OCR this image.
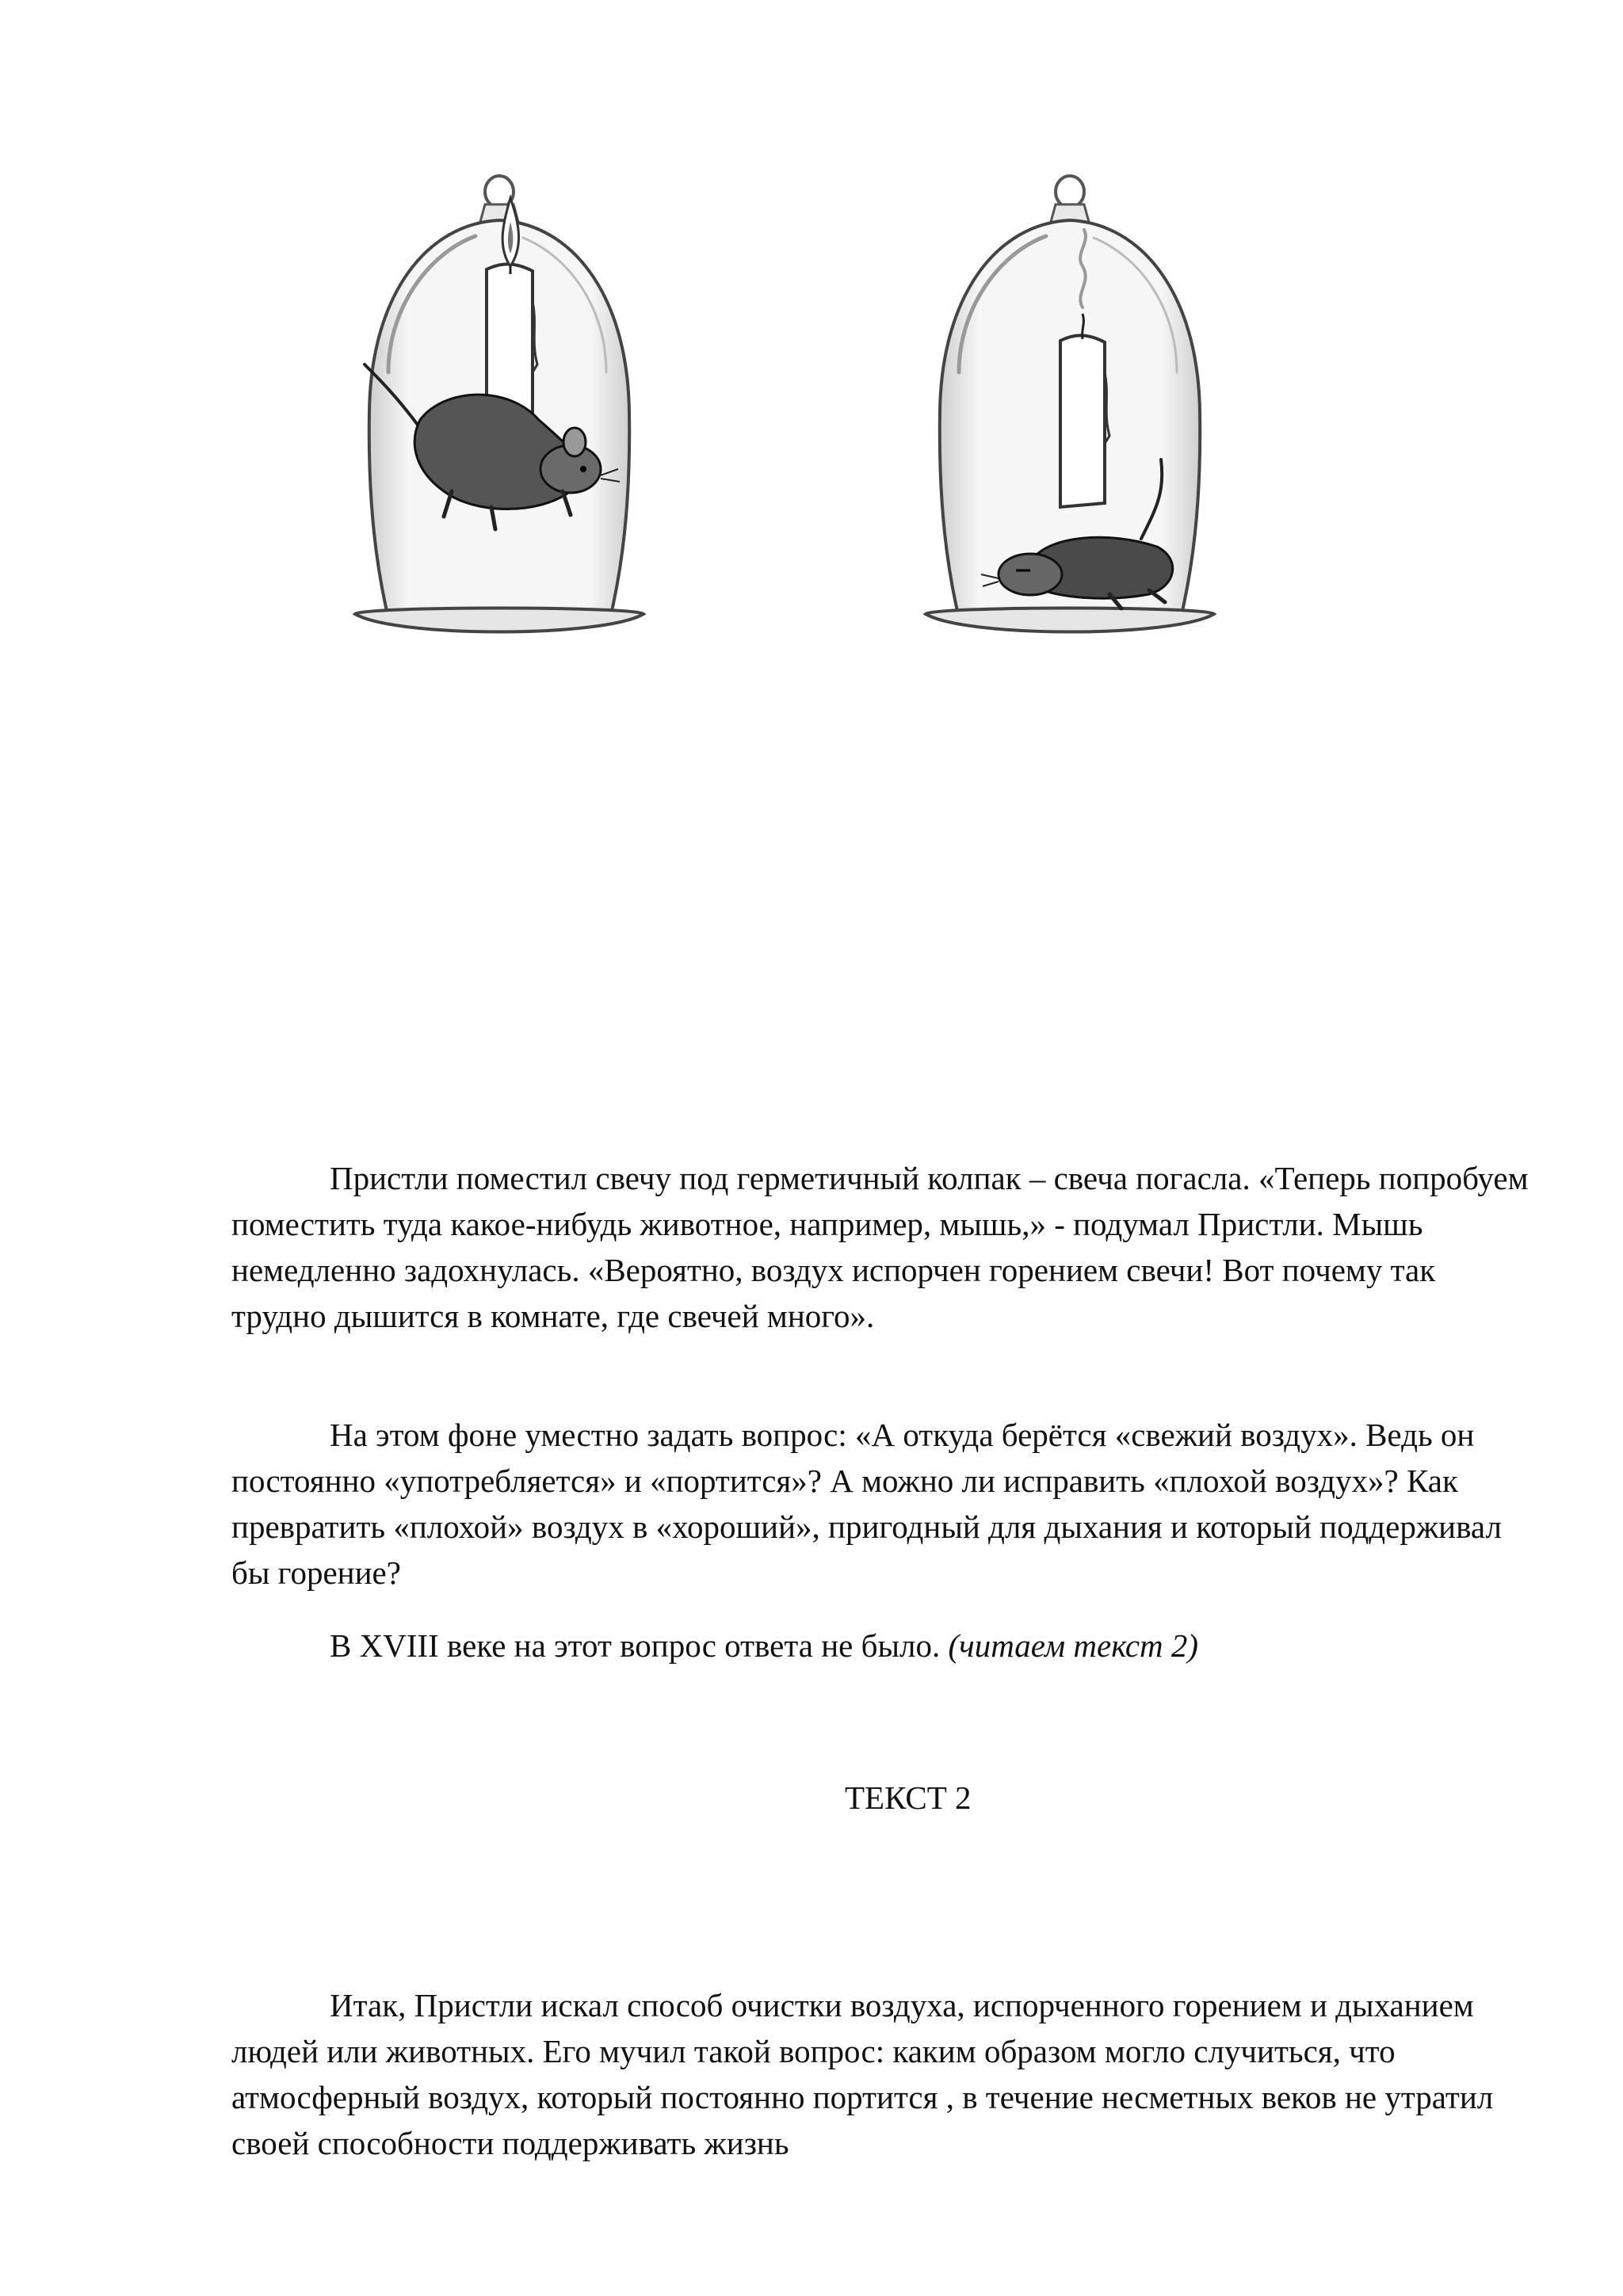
Пристли поместил свечу под герметичный колпак – свеча погасла. «Теперь попробуем поместить туда какое-нибудь животное, например, мышь,» - подумал Пристли. Мышь немедленно задохнулась. «Вероятно, воздух испорчен горением свечи! Вот почему так трудно дышится в комнате, где свечей много».

На этом фоне уместно задать вопрос: «А откуда берётся «свежий воздух». Ведь он постоянно «употребляется» и «портится»? А можно ли исправить «плохой воздух»? Как превратить «плохой» воздух в «хороший», пригодный для дыхания и который поддерживал бы горение?

В XVIII веке на этот вопрос ответа не было. (читаем текст 2)

ТЕКСТ 2

Итак, Пристли искал способ очистки воздуха, испорченного горением и дыханием людей или животных. Его мучил такой вопрос: каким образом могло случиться, что атмосферный воздух, который постоянно портится , в течение несметных веков не утратил своей способности поддерживать жизнь
